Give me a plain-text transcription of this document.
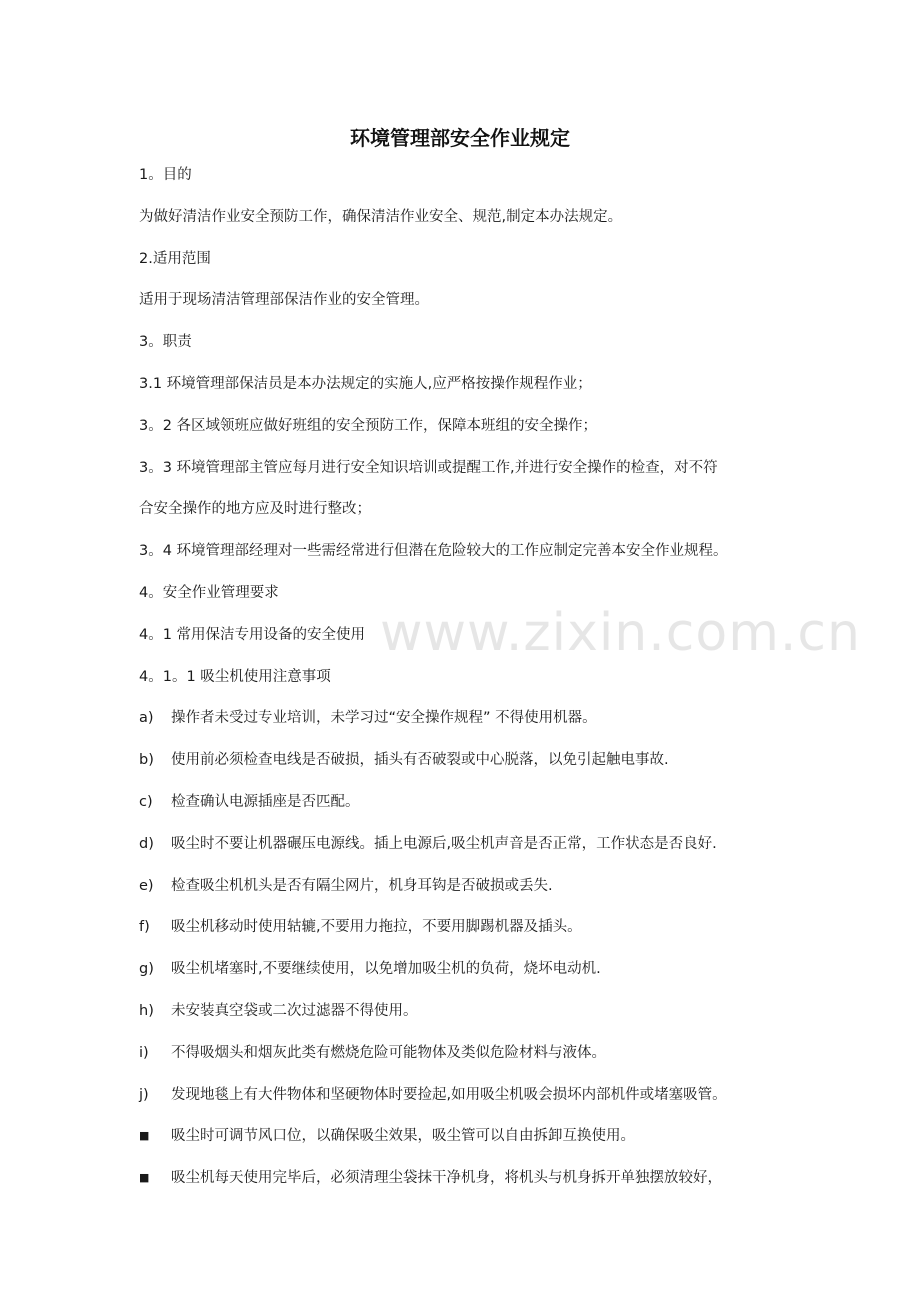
环境管理部安全作业规定
1。目的
为做好清洁作业安全预防工作，确保清洁作业安全、规范,制定本办法规定。
2.适用范围
适用于现场清洁管理部保洁作业的安全管理。
3。职责
3.1 环境管理部保洁员是本办法规定的实施人,应严格按操作规程作业；
3。2 各区域领班应做好班组的安全预防工作，保障本班组的安全操作；
3。3 环境管理部主管应每月进行安全知识培训或提醒工作,并进行安全操作的检查，对不符
合安全操作的地方应及时进行整改；
3。4 环境管理部经理对一些需经常进行但潜在危险较大的工作应制定完善本安全作业规程。
4。安全作业管理要求
4。1 常用保洁专用设备的安全使用
4。1。1 吸尘机使用注意事项
a) 操作者未受过专业培训，未学习过“安全操作规程” 不得使用机器。
b) 使用前必须检查电线是否破损，插头有否破裂或中心脱落，以免引起触电事故.
c) 检查确认电源插座是否匹配。
d) 吸尘时不要让机器碾压电源线。插上电源后,吸尘机声音是否正常，工作状态是否良好.
e) 检查吸尘机机头是否有隔尘网片，机身耳钩是否破损或丢失.
f) 吸尘机移动时使用轱辘,不要用力拖拉，不要用脚踢机器及插头。
g) 吸尘机堵塞时,不要继续使用，以免增加吸尘机的负荷，烧坏电动机.
h) 未安装真空袋或二次过滤器不得使用。
i) 不得吸烟头和烟灰此类有燃烧危险可能物体及类似危险材料与液体。
j) 发现地毯上有大件物体和坚硬物体时要捡起,如用吸尘机吸会损坏内部机件或堵塞吸管。
■ 吸尘时可调节风口位，以确保吸尘效果，吸尘管可以自由拆卸互换使用。
■ 吸尘机每天使用完毕后，必须清理尘袋抹干净机身，将机头与机身拆开单独摆放较好，
www.zixin.com.cn
